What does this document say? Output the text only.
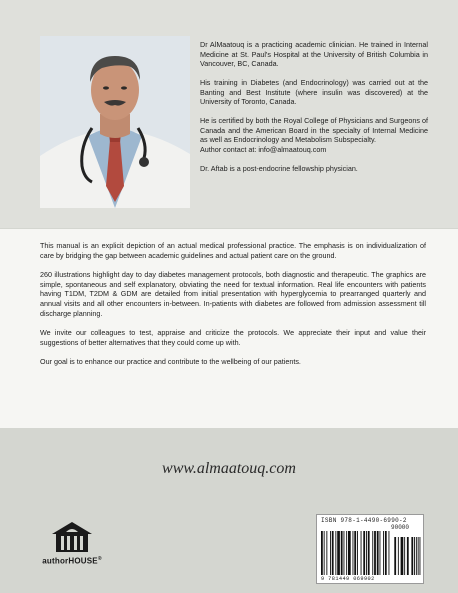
Dr AlMaatouq is a practicing academic clinician. He trained in Internal Medicine at St. Paul's Hospital at the University of British Columbia in Vancouver, BC, Canada.

His training in Diabetes (and Endocrinology) was carried out at the Banting and Best Institute (where insulin was discovered) at the University of Toronto, Canada.

He is certified by both the Royal College of Physicians and Surgeons of Canada and the American Board in the specialty of Internal Medicine as well as Endocrinology and Metabolism Subspecialty.

Author contact at: info@almaatouq.com

Dr. Aftab is a post-endocrine fellowship physician.

This manual is an explicit depiction of an actual medical professional practice. The emphasis is on individualization of care by bridging the gap between academic guidelines and actual patient care on the ground.

260 illustrations highlight day to day diabetes management protocols, both diagnostic and therapeutic. The graphics are simple, spontaneous and self explanatory, obviating the need for textual information. Real life encounters with patients having T1DM, T2DM & GDM are detailed from initial presentation with hyperglycemia to prearranged quarterly and annual visits and all other encounters in-between. In-patients with diabetes are followed from admission assessment till discharge planning.

We invite our colleagues to test, appraise and criticize the protocols. We appreciate their input and value their suggestions of better alternatives that they could come up with.

Our goal is to enhance our practice and contribute to the wellbeing of our patients.

www.almaatouq.com
authorHOUSE®
ISBN 978-1-4490-6990-2
90000
9 781449 069902
